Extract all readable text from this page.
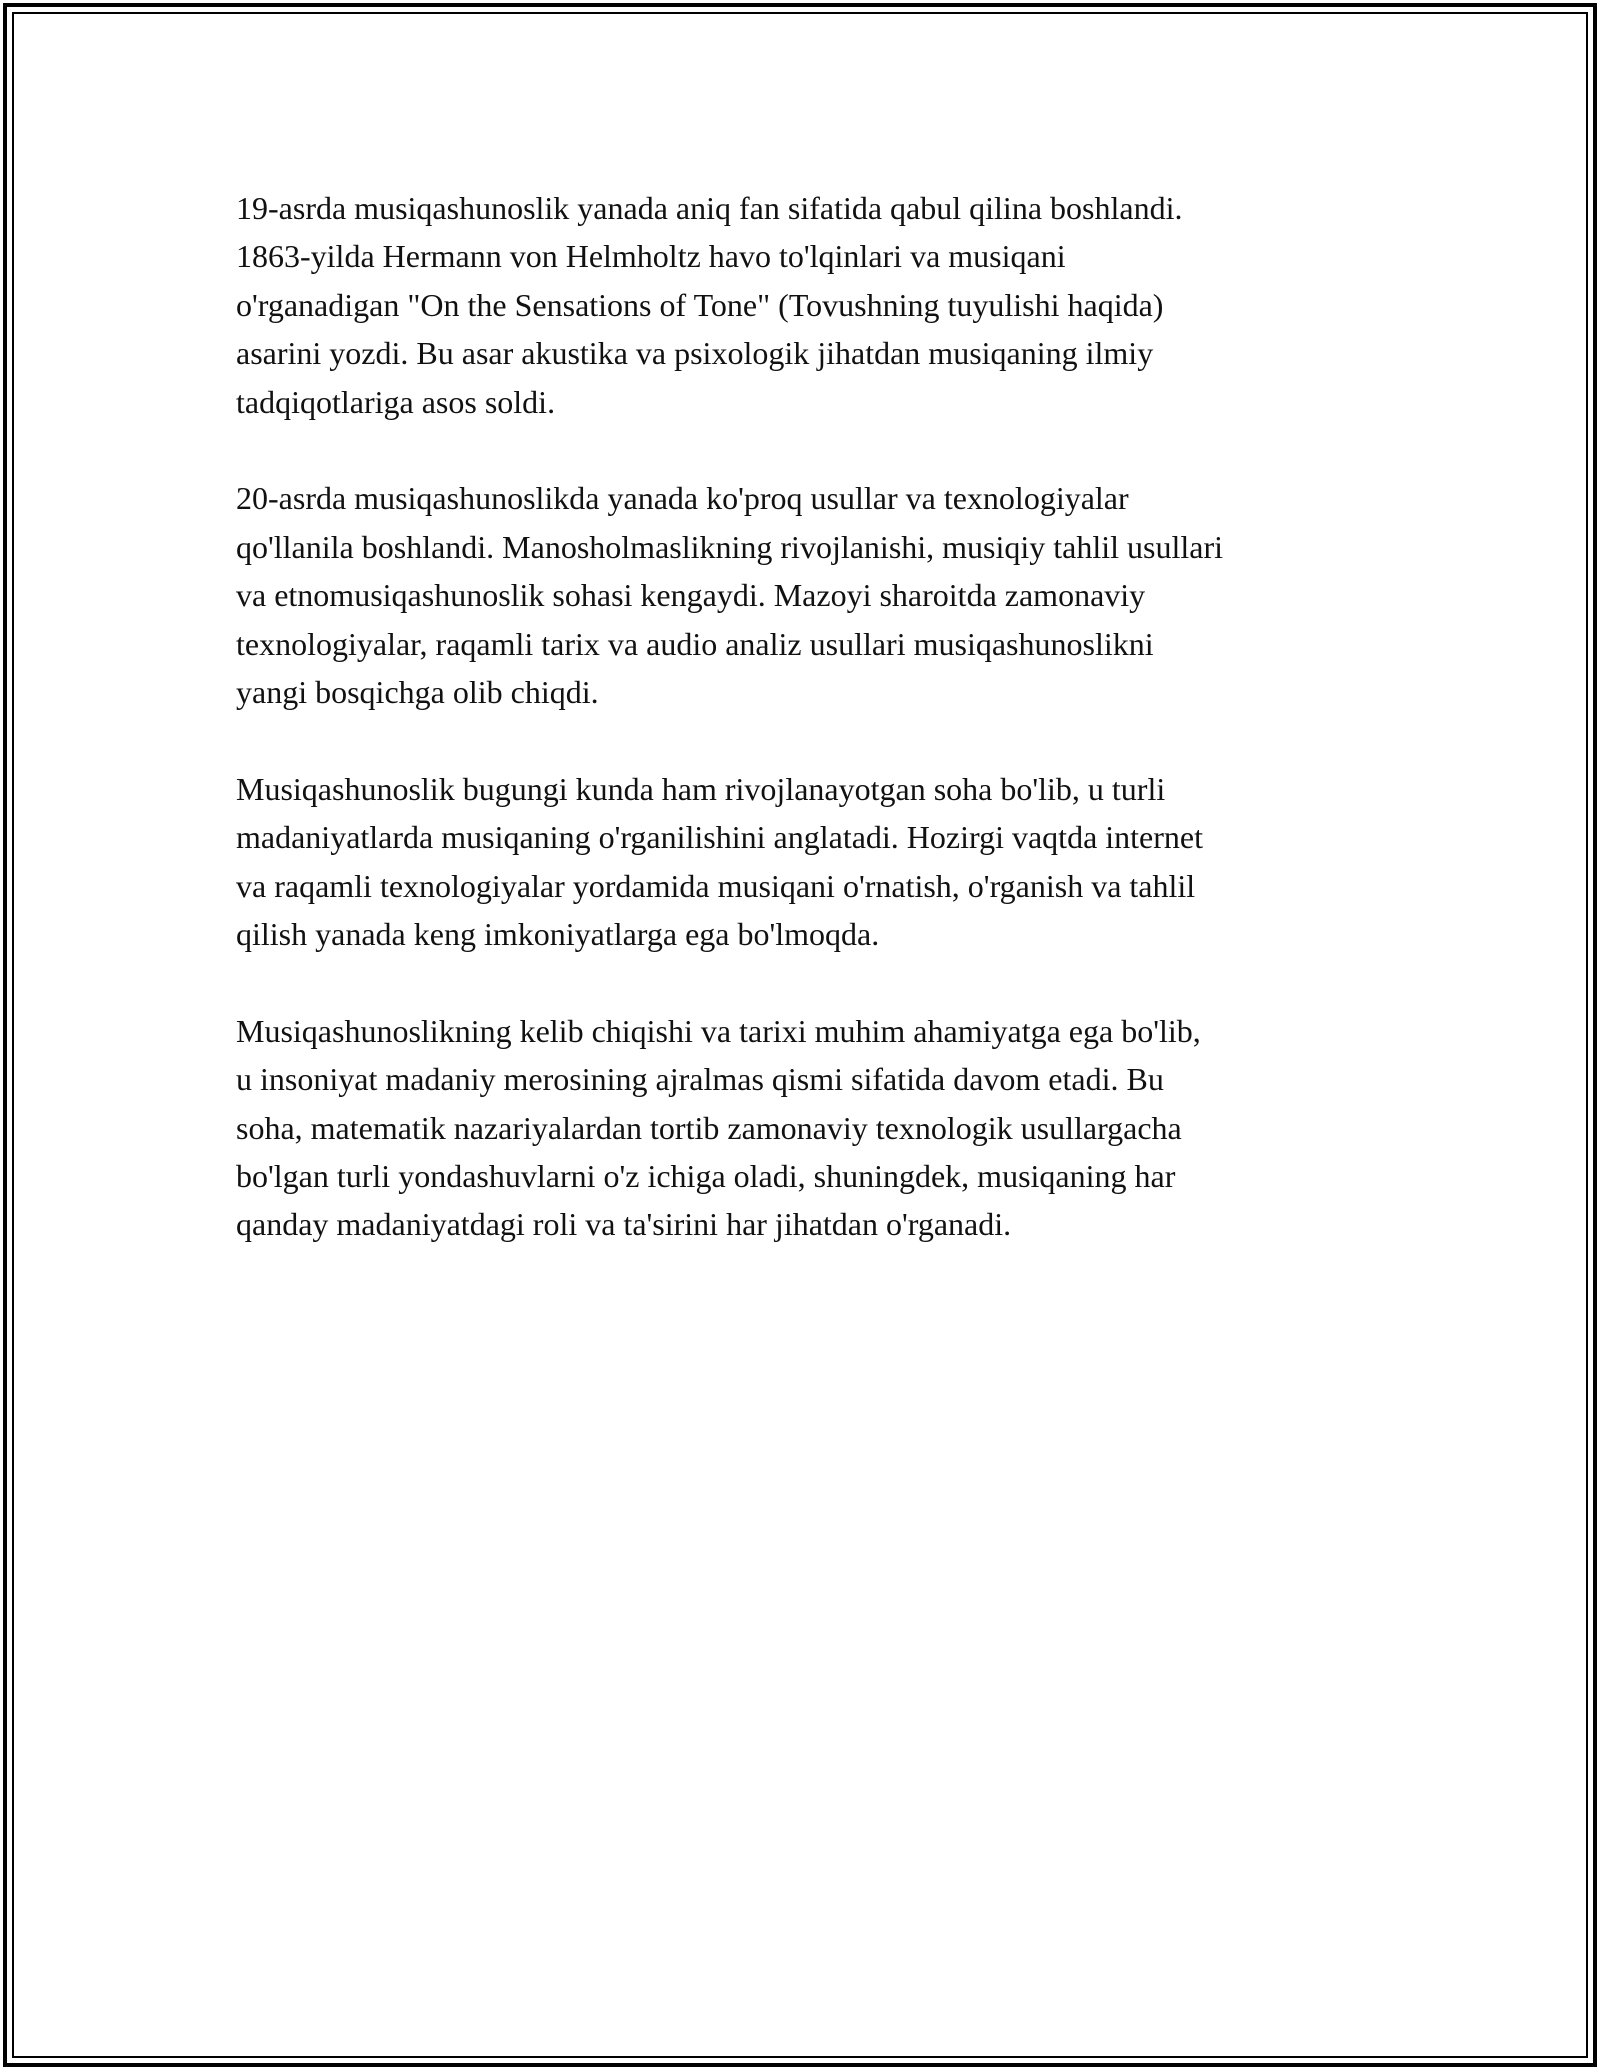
19-asrda musiqashunoslik yanada aniq fan sifatida qabul qilina boshlandi.
1863-yilda Hermann von Helmholtz havo to'lqinlari va musiqani
o'rganadigan "On the Sensations of Tone" (Tovushning tuyulishi haqida)
asarini yozdi. Bu asar akustika va psixologik jihatdan musiqaning ilmiy
tadqiqotlariga asos soldi.

20-asrda musiqashunoslikda yanada ko'proq usullar va texnologiyalar
qo'llanila boshlandi. Manosholmaslikning rivojlanishi, musiqiy tahlil usullari
va etnomusiqashunoslik sohasi kengaydi. Mazoyi sharoitda zamonaviy
texnologiyalar, raqamli tarix va audio analiz usullari musiqashunoslikni
yangi bosqichga olib chiqdi.

Musiqashunoslik bugungi kunda ham rivojlanayotgan soha bo'lib, u turli
madaniyatlarda musiqaning o'rganilishini anglatadi. Hozirgi vaqtda internet
va raqamli texnologiyalar yordamida musiqani o'rnatish, o'rganish va tahlil
qilish yanada keng imkoniyatlarga ega bo'lmoqda.

Musiqashunoslikning kelib chiqishi va tarixi muhim ahamiyatga ega bo'lib,
u insoniyat madaniy merosining ajralmas qismi sifatida davom etadi. Bu
soha, matematik nazariyalardan tortib zamonaviy texnologik usullargacha
bo'lgan turli yondashuvlarni o'z ichiga oladi, shuningdek, musiqaning har
qanday madaniyatdagi roli va ta'sirini har jihatdan o'rganadi.
